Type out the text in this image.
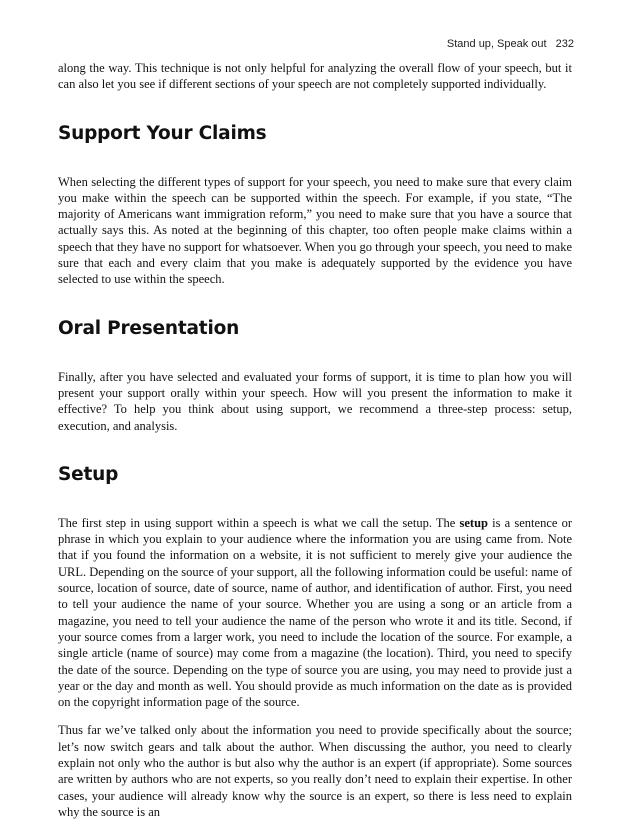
Stand up, Speak out 232

along the way. This technique is not only helpful for analyzing the overall flow of your speech, but it can also let you see if different sections of your speech are not completely supported individually.

Support Your Claims

When selecting the different types of support for your speech, you need to make sure that every claim you make within the speech can be supported within the speech. For example, if you state, “The majority of Americans want immigration reform,” you need to make sure that you have a source that actually says this. As noted at the beginning of this chapter, too often people make claims within a speech that they have no support for whatsoever. When you go through your speech, you need to make sure that each and every claim that you make is adequately supported by the evidence you have selected to use within the speech.

Oral Presentation

Finally, after you have selected and evaluated your forms of support, it is time to plan how you will present your support orally within your speech. How will you present the information to make it effective? To help you think about using support, we recommend a three-step process: setup, execution, and analysis.

Setup

The first step in using support within a speech is what we call the setup. The setup is a sentence or phrase in which you explain to your audience where the information you are using came from. Note that if you found the information on a website, it is not sufficient to merely give your audience the URL. Depending on the source of your support, all the following information could be useful: name of source, location of source, date of source, name of author, and identification of author. First, you need to tell your audience the name of your source. Whether you are using a song or an article from a magazine, you need to tell your audience the name of the person who wrote it and its title. Second, if your source comes from a larger work, you need to include the location of the source. For example, a single article (name of source) may come from a magazine (the location). Third, you need to specify the date of the source. Depending on the type of source you are using, you may need to provide just a year or the day and month as well. You should provide as much information on the date as is provided on the copyright information page of the source.

Thus far we’ve talked only about the information you need to provide specifically about the source; let’s now switch gears and talk about the author. When discussing the author, you need to clearly explain not only who the author is but also why the author is an expert (if appropriate). Some sources are written by authors who are not experts, so you really don’t need to explain their expertise. In other cases, your audience will already know why the source is an expert, so there is less need to explain why the source is an
